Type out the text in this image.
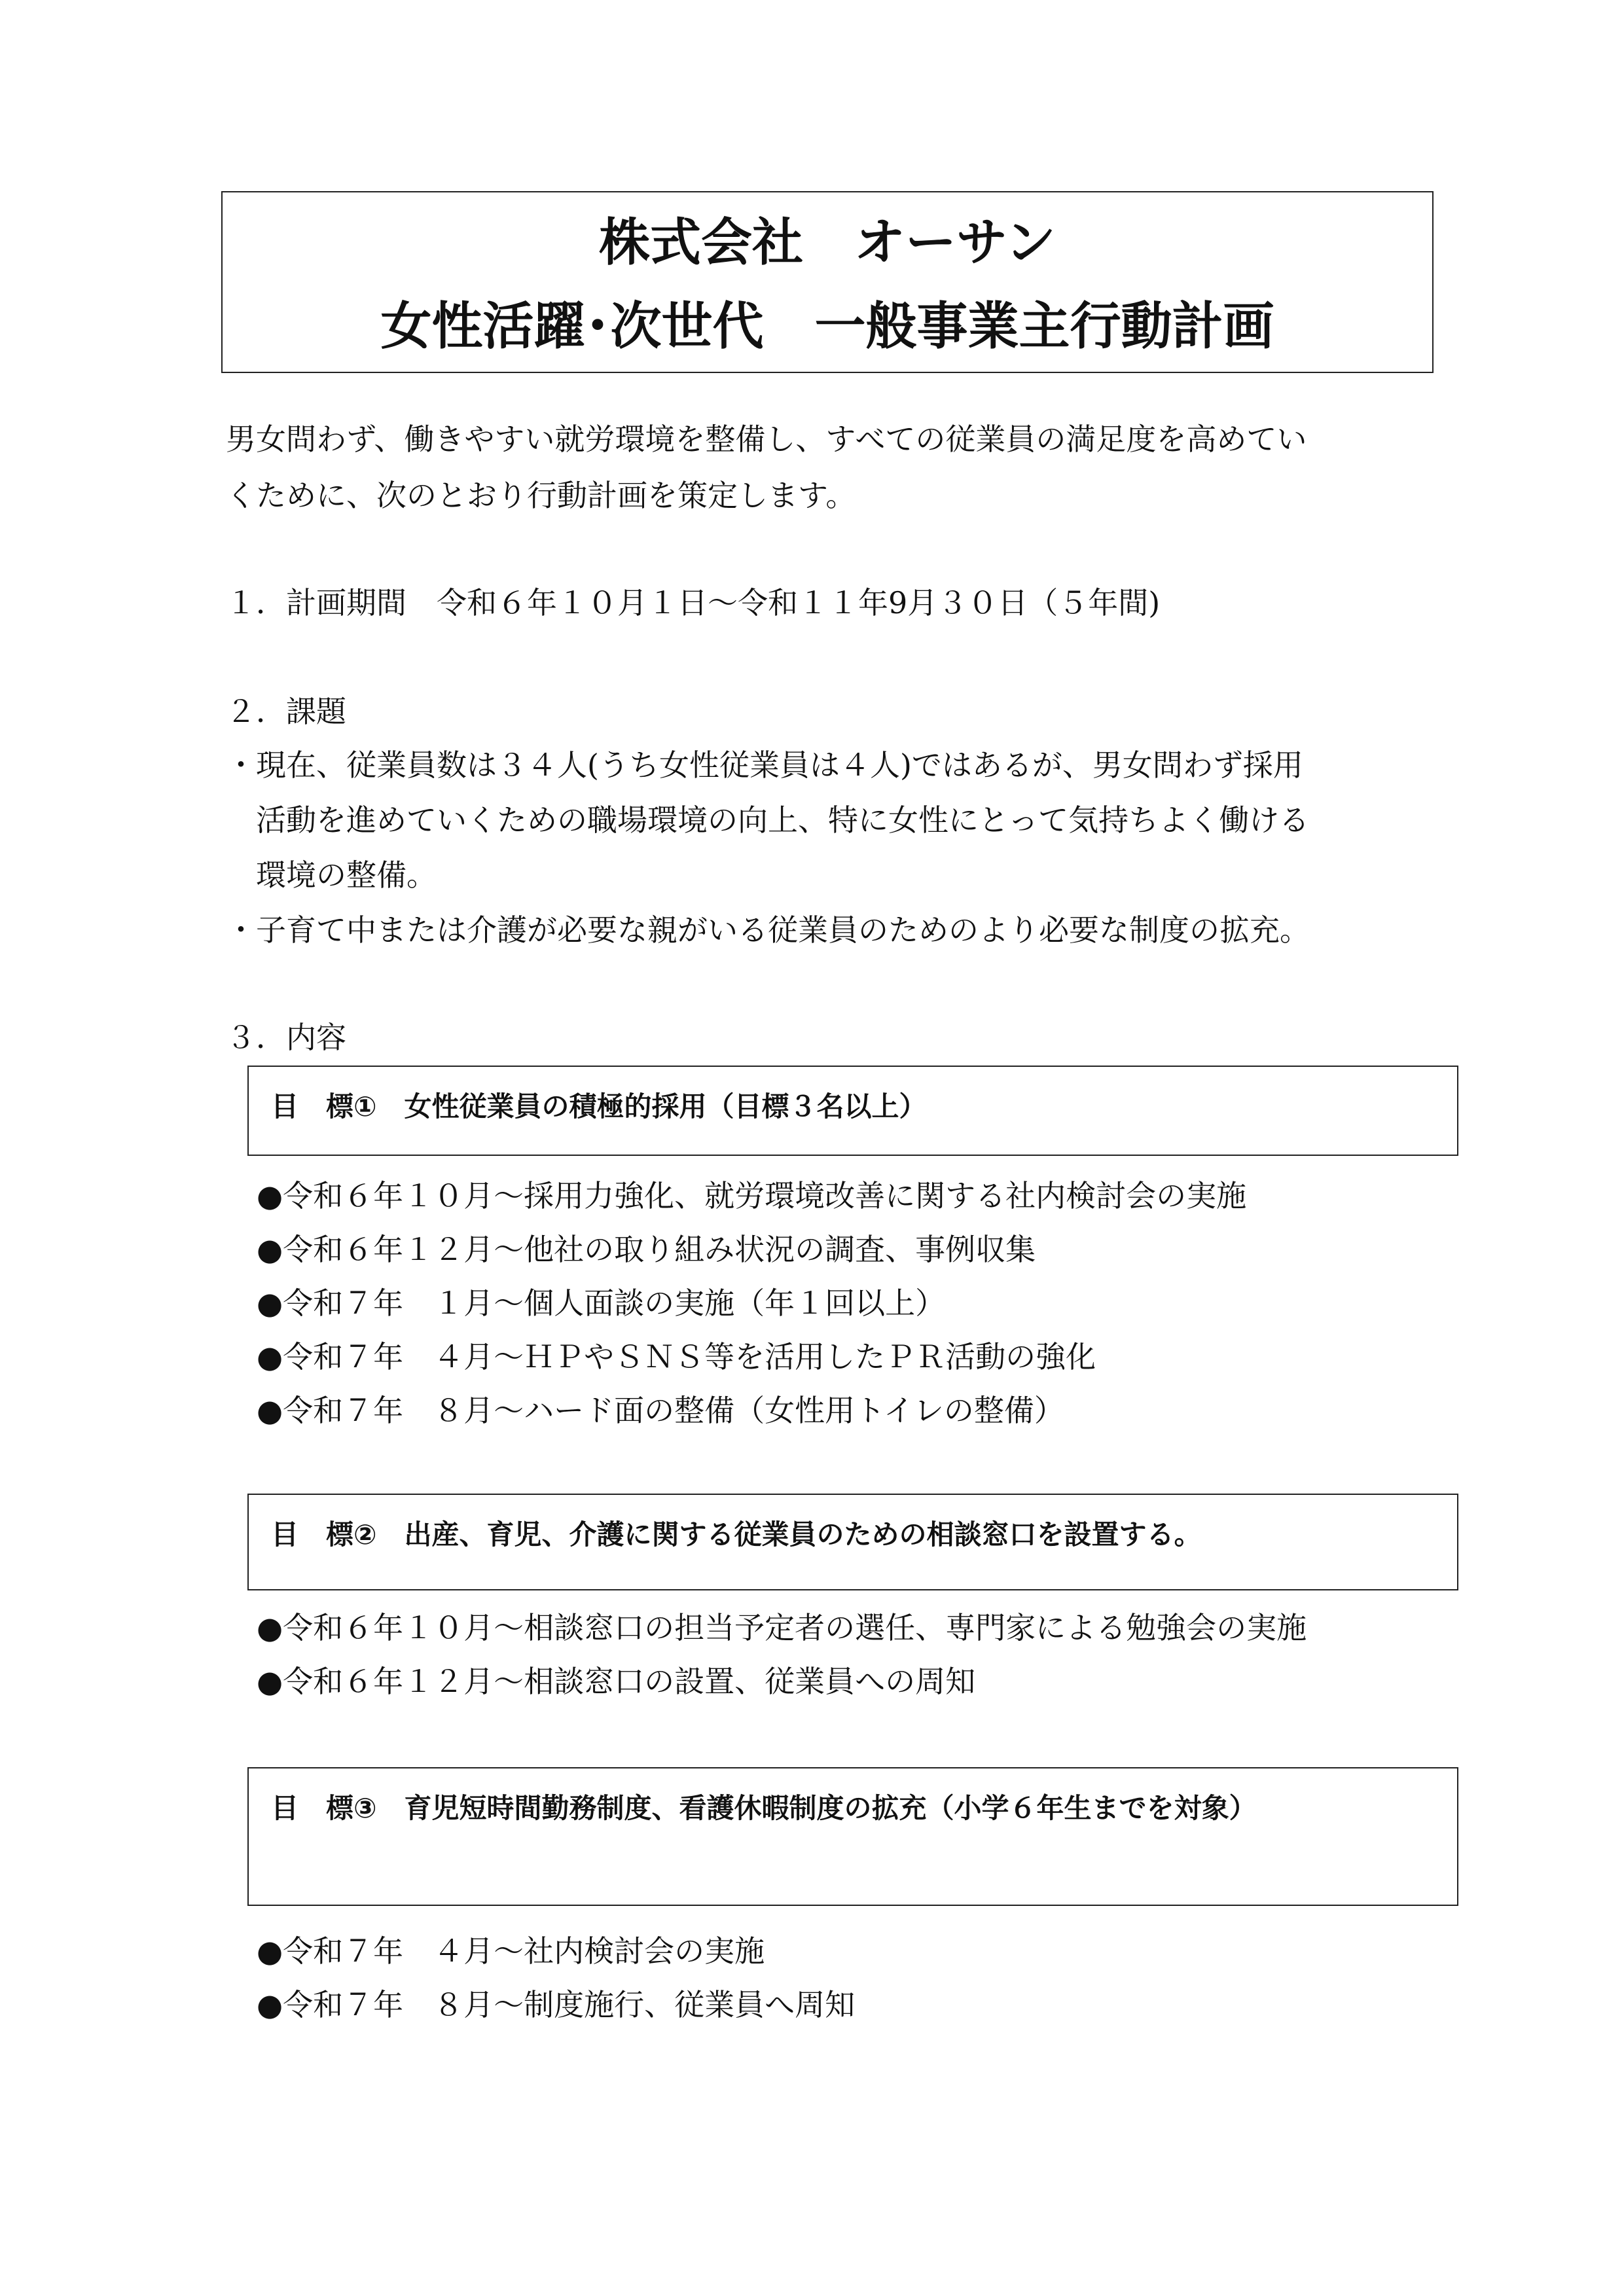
株式会社　オーサン
女性活躍･次世代　一般事業主行動計画
男女問わず、働きやすい就労環境を整備し、すべての従業員の満足度を高めてい
くために、次のとおり行動計画を策定します。
１．計画期間　令和６年１０月１日～令和１１年9月３０日（５年間)
２．課題
・現在、従業員数は３４人(うち女性従業員は４人)ではあるが、男女問わず採用
　活動を進めていくための職場環境の向上、特に女性にとって気持ちよく働ける
　環境の整備。
・子育て中または介護が必要な親がいる従業員のためのより必要な制度の拡充。
３．内容
目　標①　女性従業員の積極的採用（目標３名以上）
●令和６年１０月～採用力強化、就労環境改善に関する社内検討会の実施
●令和６年１２月～他社の取り組み状況の調査、事例収集
●令和７年　１月～個人面談の実施（年１回以上）
●令和７年　４月～ＨＰやＳＮＳ等を活用したＰＲ活動の強化
●令和７年　８月～ハード面の整備（女性用トイレの整備）
目　標②　出産、育児、介護に関する従業員のための相談窓口を設置する。
●令和６年１０月～相談窓口の担当予定者の選任、専門家による勉強会の実施
●令和６年１２月～相談窓口の設置、従業員への周知
目　標③　育児短時間勤務制度、看護休暇制度の拡充（小学６年生までを対象）
●令和７年　４月～社内検討会の実施
●令和７年　８月～制度施行、従業員へ周知
